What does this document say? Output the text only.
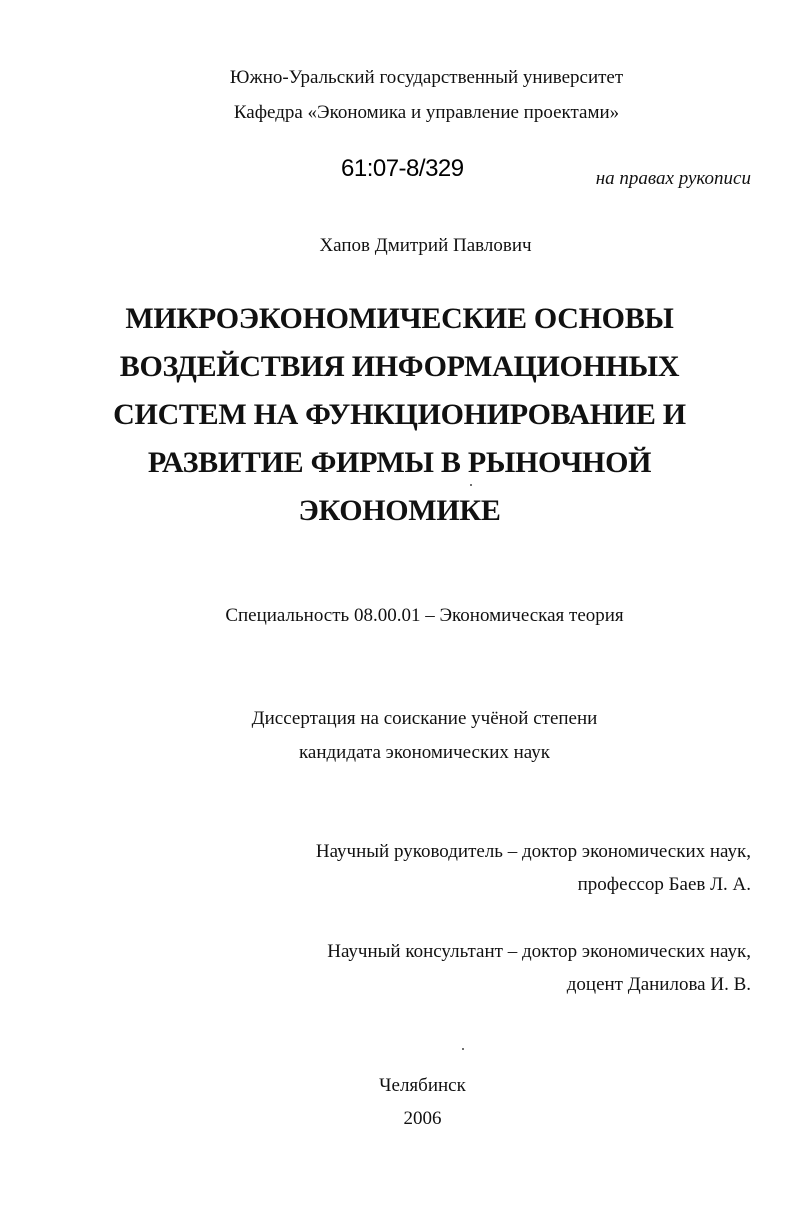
Южно-Уральский государственный университет
Кафедра «Экономика и управление проектами»
61:07-8/329	на правах рукописи
Хапов Дмитрий Павлович
МИКРОЭКОНОМИЧЕСКИЕ ОСНОВЫ
ВОЗДЕЙСТВИЯ ИНФОРМАЦИОННЫХ
СИСТЕМ НА ФУНКЦИОНИРОВАНИЕ И
РАЗВИТИЕ ФИРМЫ В РЫНОЧНОЙ
ЭКОНОМИКЕ
Специальность 08.00.01 – Экономическая теория
Диссертация на соискание учёной степени
кандидата экономических наук
Научный руководитель – доктор экономических наук,
профессор Баев Л. А.
Научный консультант – доктор экономических наук,
доцент Данилова И. В.
Челябинск
2006
